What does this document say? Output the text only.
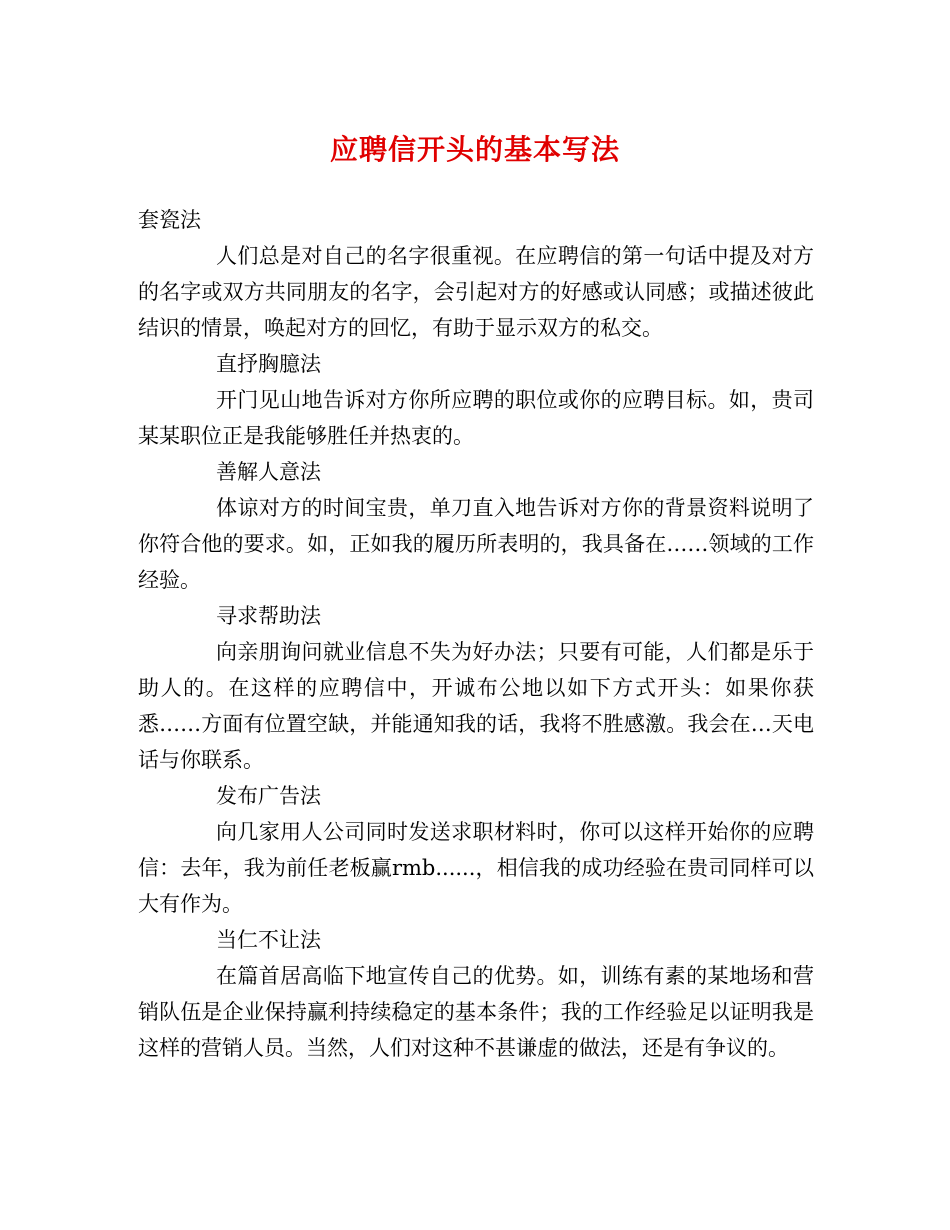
应聘信开头的基本写法

套瓷法

人们总是对自己的名字很重视。在应聘信的第一句话中提及对方的名字或双方共同朋友的名字，会引起对方的好感或认同感；或描述彼此结识的情景，唤起对方的回忆，有助于显示双方的私交。

直抒胸臆法

开门见山地告诉对方你所应聘的职位或你的应聘目标。如，贵司某某职位正是我能够胜任并热衷的。

善解人意法

体谅对方的时间宝贵，单刀直入地告诉对方你的背景资料说明了你符合他的要求。如，正如我的履历所表明的，我具备在……领域的工作经验。

寻求帮助法

向亲朋询问就业信息不失为好办法；只要有可能，人们都是乐于助人的。在这样的应聘信中，开诚布公地以如下方式开头：如果你获悉……方面有位置空缺，并能通知我的话，我将不胜感激。我会在…天电话与你联系。

发布广告法

向几家用人公司同时发送求职材料时，你可以这样开始你的应聘信：去年，我为前任老板赢rmb......，相信我的成功经验在贵司同样可以大有作为。

当仁不让法

在篇首居高临下地宣传自己的优势。如，训练有素的某地场和营销队伍是企业保持赢利持续稳定的基本条件；我的工作经验足以证明我是这样的营销人员。当然，人们对这种不甚谦虚的做法，还是有争议的。
